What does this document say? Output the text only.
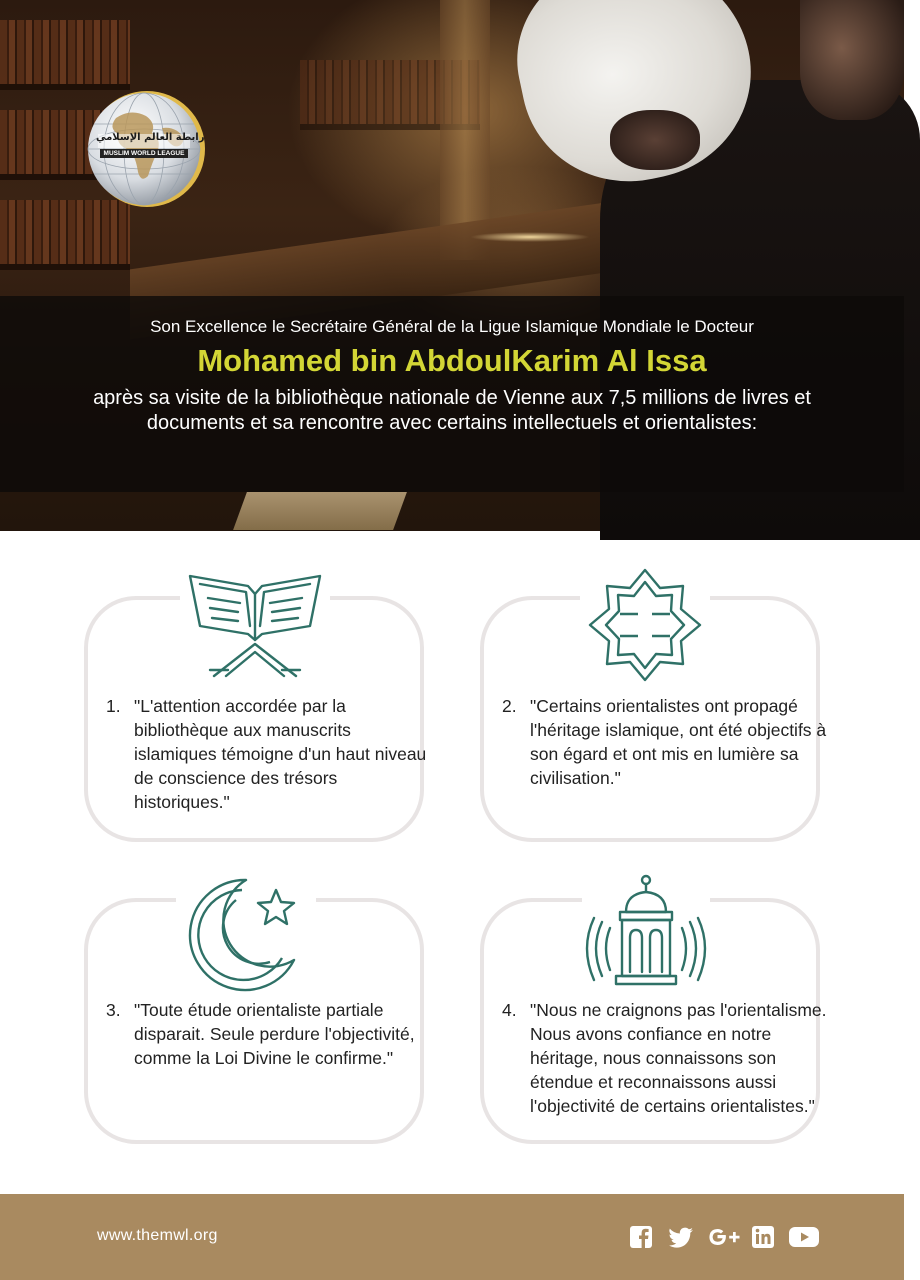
رابطة العالم الإسلامي
MUSLIM WORLD LEAGUE
Son Excellence le Secrétaire Général de la Ligue Islamique Mondiale le Docteur
Mohamed bin AbdoulKarim Al Issa
après sa visite de la bibliothèque nationale de Vienne aux 7,5 millions de livres et documents et sa rencontre avec certains intellectuels et orientalistes:
1. "L'attention accordée par la bibliothèque aux manuscrits islamiques témoigne d'un haut niveau de conscience des trésors historiques."
2. "Certains orientalistes ont propagé l'héritage islamique, ont été objectifs à son égard et ont mis en lumière sa civilisation."
3. "Toute étude orientaliste partiale disparait. Seule perdure l'objectivité, comme la Loi Divine le confirme."
4. "Nous ne craignons pas l'orientalisme. Nous avons confiance en notre héritage, nous connaissons son étendue et reconnaissons aussi l'objectivité de certains orientalistes."
www.themwl.org
